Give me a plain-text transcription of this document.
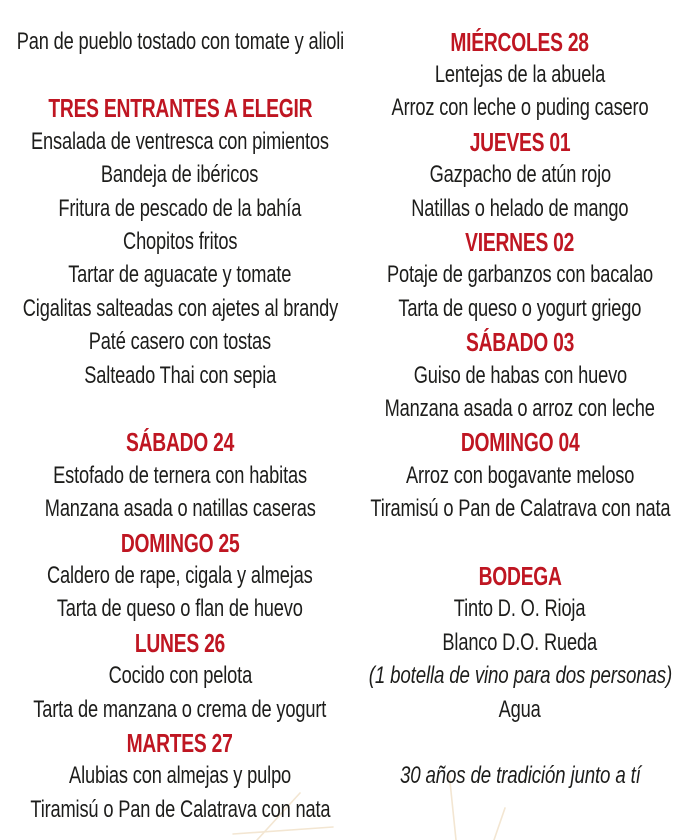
Pan de pueblo tostado con tomate y alioli
TRES ENTRANTES A ELEGIR
Ensalada de ventresca con pimientos
Bandeja de ibéricos
Fritura de pescado de la bahía
Chopitos fritos
Tartar de aguacate y tomate
Cigalitas salteadas con ajetes al brandy
Paté casero con tostas
Salteado Thai con sepia
SÁBADO 24
Estofado de ternera con habitas
Manzana asada o natillas caseras
DOMINGO 25
Caldero de rape, cigala y almejas
Tarta de queso o flan de huevo
LUNES 26
Cocido con pelota
Tarta de manzana o crema de yogurt
MARTES 27
Alubias con almejas y pulpo
Tiramisú o Pan de Calatrava con nata
MIÉRCOLES 28
Lentejas de la abuela
Arroz con leche o puding casero
JUEVES 01
Gazpacho de atún rojo
Natillas o helado de mango
VIERNES 02
Potaje de garbanzos con bacalao
Tarta de queso o yogurt griego
SÁBADO 03
Guiso de habas con huevo
Manzana asada o arroz con leche
DOMINGO 04
Arroz con bogavante meloso
Tiramisú o Pan de Calatrava con nata
BODEGA
Tinto D. O. Rioja
Blanco D.O. Rueda
(1 botella de vino para dos personas)
Agua
30 años de tradición junto a tí
